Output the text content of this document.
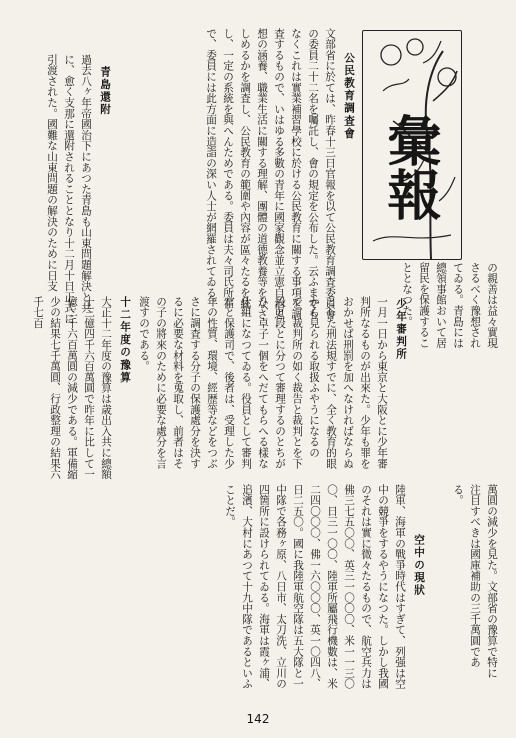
彙報
公民教育調査會
文部省に於ては、昨春十三日官報を以て公民教育調査委員會の委員二十二名を囑託し、會の規定を公布した。云ふまでもなくこれは實業補習學校に於ける公民教育に關する事項を調査するもので、いはゆる多數の青年に國家觀念並立憲自治思想の涵養、職業生活に關する理解、團體の道德教養等をなさしめるかを調査し、公民教育の範圍や內容が區々たるを統一し、一定の系統を與へんためである。委員は夫々司氏所在で、委員には此方面に造詣の深い人士が網羅されてゐる。
青島還附
過去八ヶ年帝國治下にあつた青島も山東問題解決と共に、愈く支那に還附されることとなり十二月十日正式に引渡された。國難な山東問題の解決のために日支
の親善は益々實現さるべく豫想されてゐる。青島には總領事館おいて居留民を保護することとなつた。
少年審判所
一月一日から東京と大阪とに少年審判所なるものが出來た。少年も罪をおかせば刑罰を加へなければならぬとした刑法規すでに、全く教育的眼から見られる取扱ふやうになるので、裁判所の如く裁告と裁判とを下段と段とに分つて審理するのとちがひ、卓子一個をへだてもらへる樣な仕組になつてゐる。役員として審判官と保護司で、後者は、受理した少年の性質、環境、經歴等などをつぶさに調査する分子の保護處分を決するに必要な材料を蒐取し、前者はその子の將來のために必要な處分を言渡すのである。
十二年度の豫算
大正十二年度の豫算は歳出入共に總額十三億四千六百萬圓で昨年に比して一億二千六百萬圓の減少である。軍備縮少の結果七千萬圓、行政整理の結果六千七百
萬圓の減少を見た。文部省の豫算で特に注目すべきは國庫補助の三千萬圓である。
空中の現狀
陸軍、海軍の戰爭時代はすぎて、列强は空中の競爭をするやうになつた。しかし我國のそれは實に微々たるもので、航空兵力は佛三七五〇〇、英三一〇〇〇、米一一三〇〇、日三一〇〇、陸軍所屬飛行機數は、米二四〇〇〇、佛一六〇〇〇、英一〇四八、日二五〇。國に我陸軍航空隊は五大隊と一中隊で各務ヶ原、八日市、太刀洗、立川の四箇所に設けられてゐる。海軍は霞ヶ浦、追濱、大村にあつて十九中隊であるといふことだ。
142
